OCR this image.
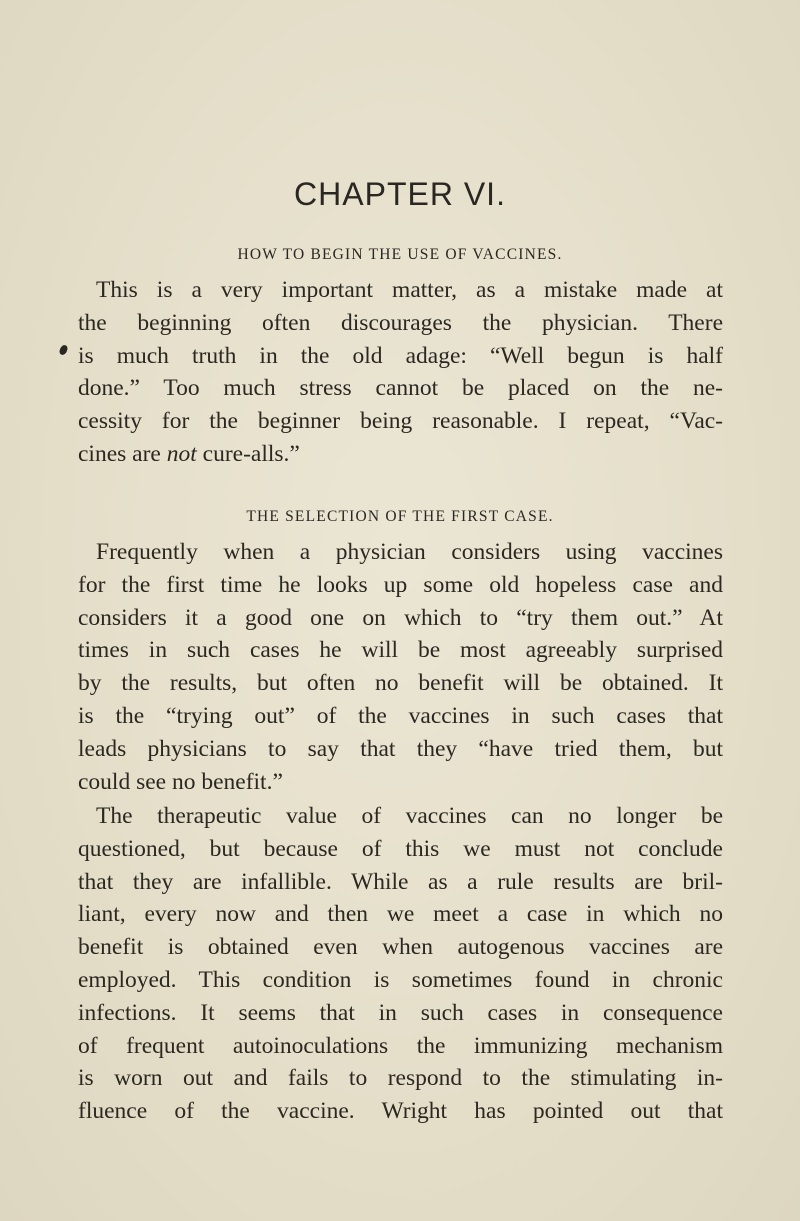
CHAPTER VI.
HOW TO BEGIN THE USE OF VACCINES.

This is a very important matter, as a mistake made at
the beginning often discourages the physician. There
is much truth in the old adage: “Well begun is half
done.” Too much stress cannot be placed on the ne-
cessity for the beginner being reasonable. I repeat, “Vac-
cines are not cure-alls.”

THE SELECTION OF THE FIRST CASE.

Frequently when a physician considers using vaccines
for the first time he looks up some old hopeless case and
considers it a good one on which to “try them out.” At
times in such cases he will be most agreeably surprised
by the results, but often no benefit will be obtained. It
is the “trying out” of the vaccines in such cases that
leads physicians to say that they “have tried them, but
could see no benefit.”

The therapeutic value of vaccines can no longer be
questioned, but because of this we must not conclude
that they are infallible. While as a rule results are bril-
liant, every now and then we meet a case in which no
benefit is obtained even when autogenous vaccines are
employed. This condition is sometimes found in chronic
infections. It seems that in such cases in consequence
of frequent autoinoculations the immunizing mechanism
is worn out and fails to respond to the stimulating in-
fluence of the vaccine. Wright has pointed out that
